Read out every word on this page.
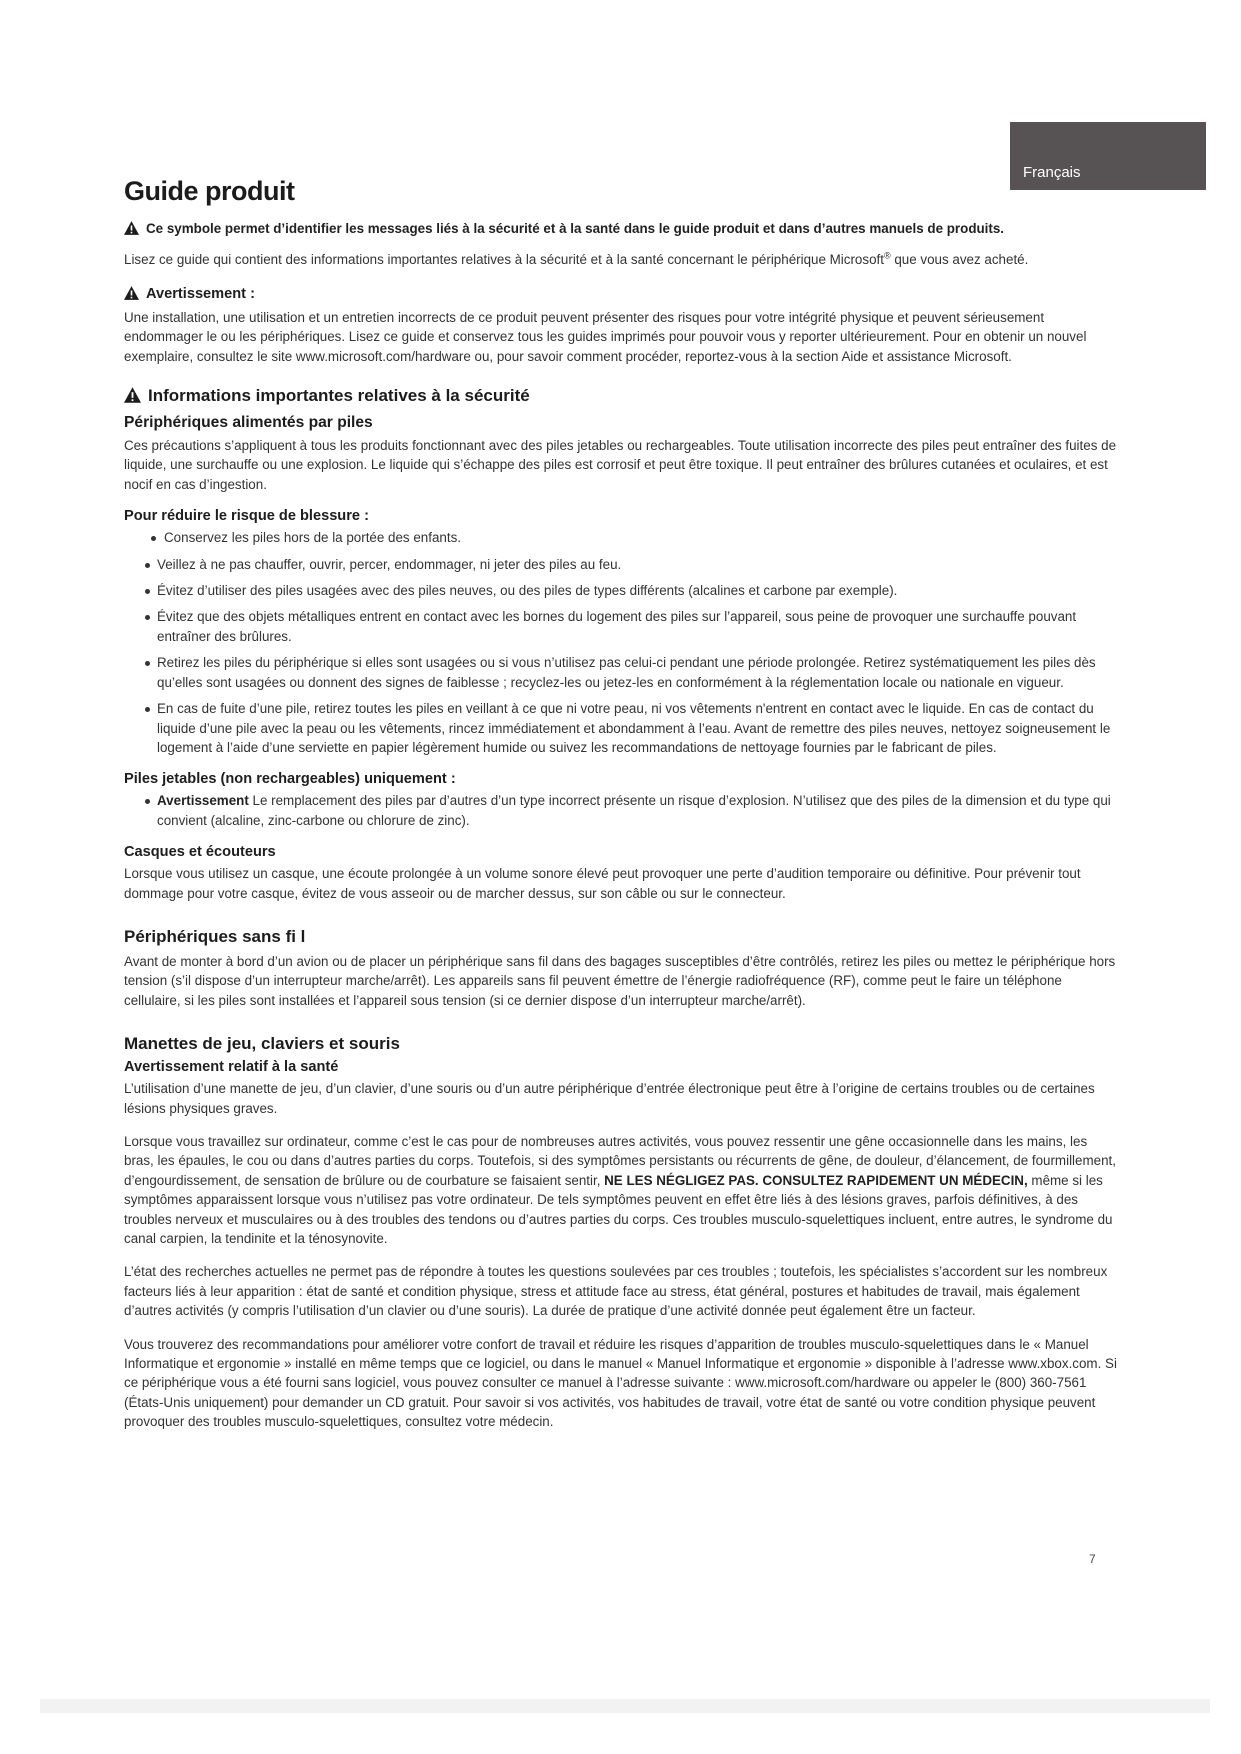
Français
Guide produit

Ce symbole permet d’identifier les messages liés à la sécurité et à la santé dans le guide produit et dans d’autres manuels de produits.

Lisez ce guide qui contient des informations importantes relatives à la sécurité et à la santé concernant le périphérique Microsoft® que vous avez acheté.

Avertissement :

Une installation, une utilisation et un entretien incorrects de ce produit peuvent présenter des risques pour votre intégrité physique et peuvent sérieusement endommager le ou les périphériques. Lisez ce guide et conservez tous les guides imprimés pour pouvoir vous y reporter ultérieurement. Pour en obtenir un nouvel exemplaire, consultez le site www.microsoft.com/hardware ou, pour savoir comment procéder, reportez-vous à la section Aide et assistance Microsoft.

Informations importantes relatives à la sécurité
Périphériques alimentés par piles

Ces précautions s’appliquent à tous les produits fonctionnant avec des piles jetables ou rechargeables. Toute utilisation incorrecte des piles peut entraîner des fuites de liquide, une surchauffe ou une explosion. Le liquide qui s’échappe des piles est corrosif et peut être toxique. Il peut entraîner des brûlures cutanées et oculaires, et est nocif en cas d’ingestion.

Pour réduire le risque de blessure :
Conservez les piles hors de la portée des enfants.
Veillez à ne pas chauffer, ouvrir, percer, endommager, ni jeter des piles au feu.
Évitez d’utiliser des piles usagées avec des piles neuves, ou des piles de types différents (alcalines et carbone par exemple).
Évitez que des objets métalliques entrent en contact avec les bornes du logement des piles sur l’appareil, sous peine de provoquer une surchauffe pouvant entraîner des brûlures.
Retirez les piles du périphérique si elles sont usagées ou si vous n’utilisez pas celui-ci pendant une période prolongée. Retirez systématiquement les piles dès qu’elles sont usagées ou donnent des signes de faiblesse ; recyclez-les ou jetez-les en conformément à la réglementation locale ou nationale en vigueur.
En cas de fuite d’une pile, retirez toutes les piles en veillant à ce que ni votre peau, ni vos vêtements n'entrent en contact avec le liquide. En cas de contact du liquide d’une pile avec la peau ou les vêtements, rincez immédiatement et abondamment à l’eau. Avant de remettre des piles neuves, nettoyez soigneusement le logement à l’aide d’une serviette en papier légèrement humide ou suivez les recommandations de nettoyage fournies par le fabricant de piles.
Piles jetables (non rechargeables) uniquement :
Avertissement Le remplacement des piles par d’autres d’un type incorrect présente un risque d’explosion. N’utilisez que des piles de la dimension et du type qui convient (alcaline, zinc-carbone ou chlorure de zinc).
Casques et écouteurs

Lorsque vous utilisez un casque, une écoute prolongée à un volume sonore élevé peut provoquer une perte d’audition temporaire ou définitive. Pour prévenir tout dommage pour votre casque, évitez de vous asseoir ou de marcher dessus, sur son câble ou sur le connecteur.

Périphériques sans fi l

Avant de monter à bord d’un avion ou de placer un périphérique sans fil dans des bagages susceptibles d’être contrôlés, retirez les piles ou mettez le périphérique hors tension (s’il dispose d’un interrupteur marche/arrêt). Les appareils sans fil peuvent émettre de l’énergie radiofréquence (RF), comme peut le faire un téléphone cellulaire, si les piles sont installées et l’appareil sous tension (si ce dernier dispose d’un interrupteur marche/arrêt).

Manettes de jeu, claviers et souris
Avertissement relatif à la santé

L’utilisation d’une manette de jeu, d’un clavier, d’une souris ou d’un autre périphérique d’entrée électronique peut être à l’origine de certains troubles ou de certaines lésions physiques graves.

Lorsque vous travaillez sur ordinateur, comme c’est le cas pour de nombreuses autres activités, vous pouvez ressentir une gêne occasionnelle dans les mains, les bras, les épaules, le cou ou dans d’autres parties du corps. Toutefois, si des symptômes persistants ou récurrents de gêne, de douleur, d’élancement, de fourmillement, d’engourdissement, de sensation de brûlure ou de courbature se faisaient sentir, NE LES NÉGLIGEZ PAS. CONSULTEZ RAPIDEMENT UN MÉDECIN, même si les symptômes apparaissent lorsque vous n’utilisez pas votre ordinateur. De tels symptômes peuvent en effet être liés à des lésions graves, parfois définitives, à des troubles nerveux et musculaires ou à des troubles des tendons ou d’autres parties du corps. Ces troubles musculo-squelettiques incluent, entre autres, le syndrome du canal carpien, la tendinite et la ténosynovite.

L’état des recherches actuelles ne permet pas de répondre à toutes les questions soulevées par ces troubles ; toutefois, les spécialistes s’accordent sur les nombreux facteurs liés à leur apparition : état de santé et condition physique, stress et attitude face au stress, état général, postures et habitudes de travail, mais également d’autres activités (y compris l’utilisation d’un clavier ou d’une souris). La durée de pratique d’une activité donnée peut également être un facteur.

Vous trouverez des recommandations pour améliorer votre confort de travail et réduire les risques d’apparition de troubles musculo-squelettiques dans le « Manuel Informatique et ergonomie » installé en même temps que ce logiciel, ou dans le manuel « Manuel Informatique et ergonomie » disponible à l’adresse www.xbox.com. Si ce périphérique vous a été fourni sans logiciel, vous pouvez consulter ce manuel à l’adresse suivante : www.microsoft.com/hardware ou appeler le (800) 360-7561 (États-Unis uniquement) pour demander un CD gratuit. Pour savoir si vos activités, vos habitudes de travail, votre état de santé ou votre condition physique peuvent provoquer des troubles musculo-squelettiques, consultez votre médecin.

7
